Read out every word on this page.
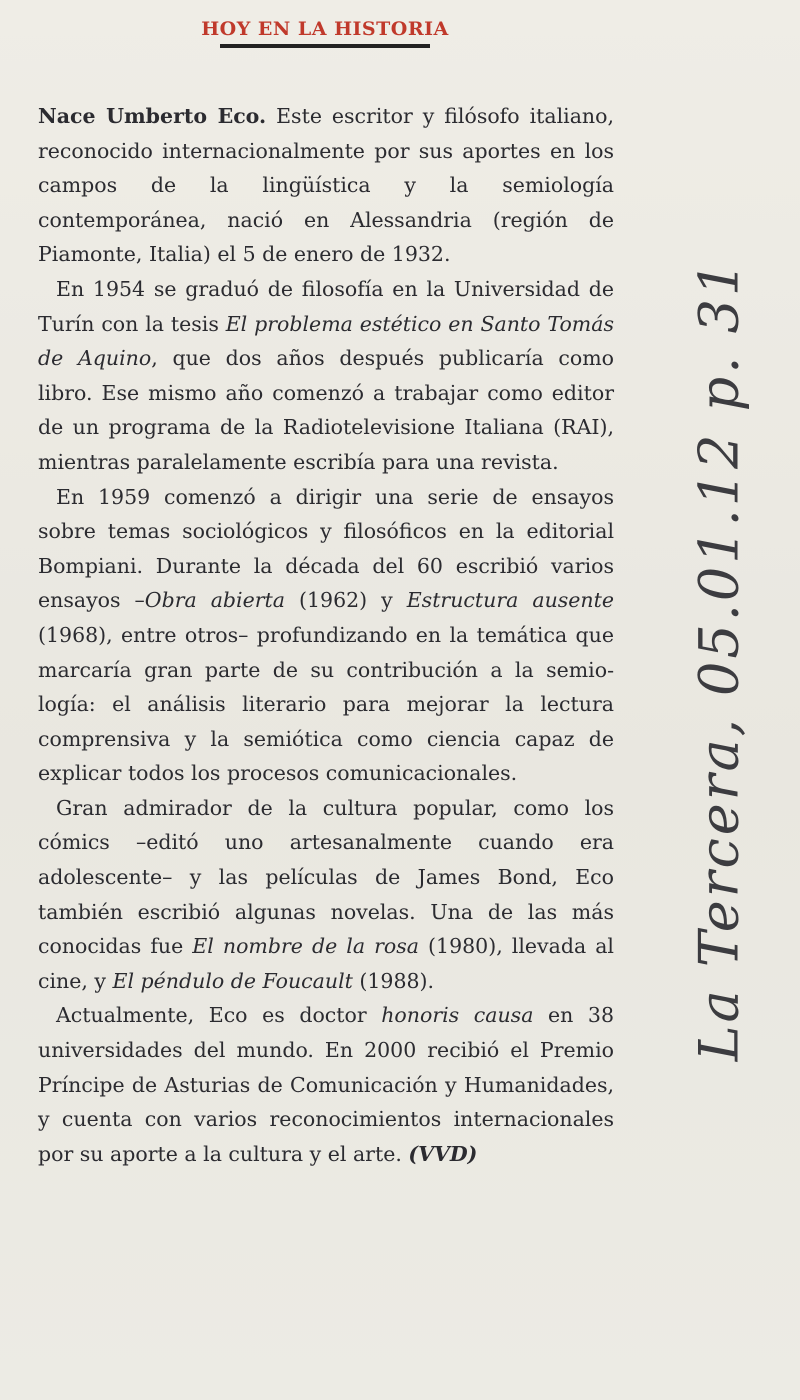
HOY EN LA HISTORIA

Nace Umberto Eco. Este escritor y filósofo italiano, reconocido internacionalmente por sus aportes en los campos de la lingüística y la semiología contemporánea, nació en Alessandria (región de Piamonte, Italia) el 5 de enero de 1932.

En 1954 se graduó de filosofía en la Universidad de Turín con la tesis El problema estético en Santo Tomás de Aquino, que dos años después publicaría como libro. Ese mismo año comenzó a trabajar como editor de un programa de la Radiotelevisione Italiana (RAI), mientras paralelamente escribía para una revista.

En 1959 comenzó a dirigir una serie de ensayos sobre temas sociológicos y filosóficos en la editorial Bompiani. Durante la década del 60 escribió varios ensayos –Obra abierta (1962) y Estructura ausente (1968), entre otros– profundizando en la temática que marcaría gran parte de su contribución a la semiología: el análisis literario para mejorar la lectura comprensiva y la semiótica como ciencia capaz de explicar todos los procesos comunicacionales.

Gran admirador de la cultura popular, como los cómics –editó uno artesanalmente cuando era adolescente– y las películas de James Bond, Eco también escribió algunas novelas. Una de las más conocidas fue El nombre de la rosa (1980), llevada al cine, y El péndulo de Foucault (1988).

Actualmente, Eco es doctor honoris causa en 38 universidades del mundo. En 2000 recibió el Premio Príncipe de Asturias de Comunicación y Humanidades, y cuenta con varios reconocimientos internacionales por su aporte a la cultura y el arte. (VVD)

La Tercera, 05.01.12 p. 31
